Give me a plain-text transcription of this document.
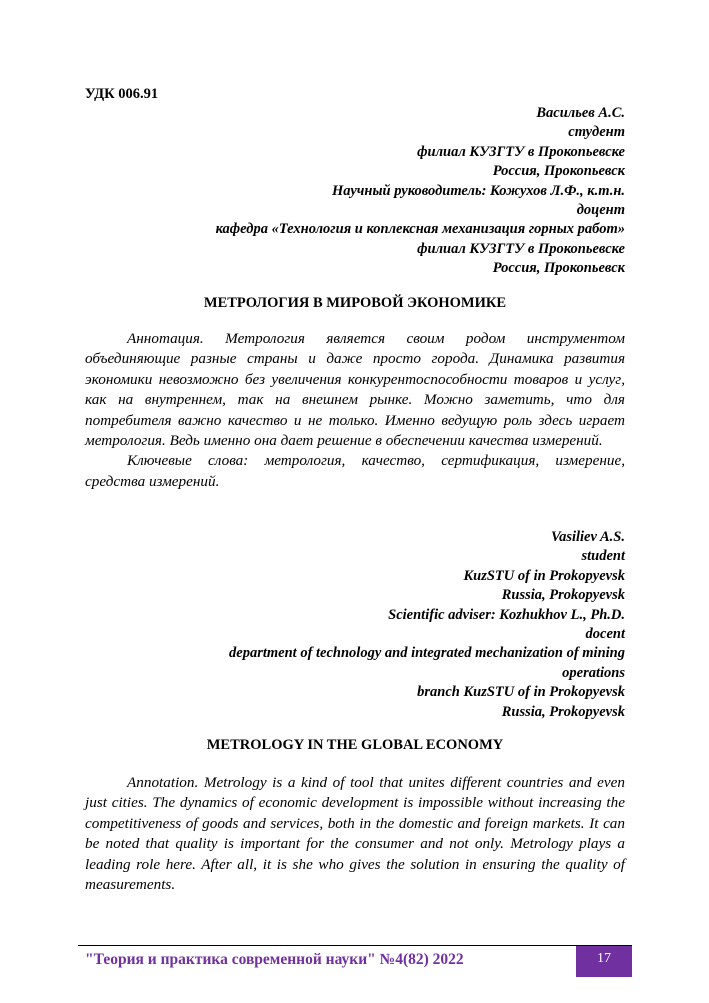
УДК 006.91
Васильев А.С.
студент
филиал КУЗГТУ в Прокопьевске
Россия, Прокопьевск
Научный руководитель: Кожухов Л.Ф., к.т.н.
доцент
кафедра «Технология и коплексная механизация горных работ»
филиал КУЗГТУ в Прокопьевске
Россия, Прокопьевск
МЕТРОЛОГИЯ В МИРОВОЙ ЭКОНОМИКЕ

Аннотация. Метрология является своим родом инструментом объединяющие разные страны и даже просто города. Динамика развития экономики невозможно без увеличения конкурентоспособности товаров и услуг, как на внутреннем, так на внешнем рынке. Можно заметить, что для потребителя важно качество и не только. Именно ведущую роль здесь играет метрология. Ведь именно она дает решение в обеспечении качества измерений.

Ключевые слова: метрология, качество, сертификация, измерение, средства измерений.

Vasiliev A.S.
student
KuzSTU of in Prokopyevsk
Russia, Prokopyevsk
Scientific adviser: Kozhukhov L., Ph.D.
docent
department of technology and integrated mechanization of mining
operations
branch KuzSTU of in Prokopyevsk
Russia, Prokopyevsk
METROLOGY IN THE GLOBAL ECONOMY

Annotation. Metrology is a kind of tool that unites different countries and even just cities. The dynamics of economic development is impossible without increasing the competitiveness of goods and services, both in the domestic and foreign markets. It can be noted that quality is important for the consumer and not only. Metrology plays a leading role here. After all, it is she who gives the solution in ensuring the quality of measurements.

"Теория и практика современной науки" №4(82) 2022	17
